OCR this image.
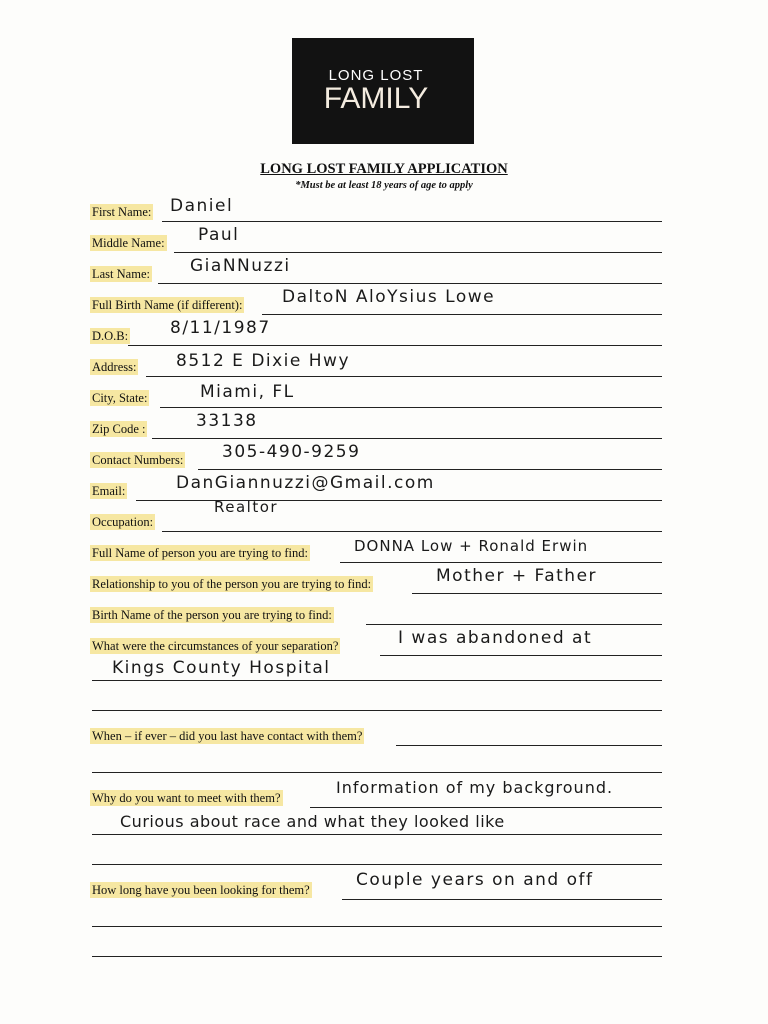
LONG LOST
FAMILY
LONG LOST FAMILY APPLICATION
*Must be at least 18 years of age to apply
First Name: Daniel
Middle Name: Paul
Last Name: GiaNNuzzi
Full Birth Name (if different): DaltoN AloYsius Lowe
D.O.B: 8/11/1987
Address: 8512 E Dixie Hwy
City, State:	Miami, FL
Zip Code :	33138
Contact Numbers: 305-490-9259
Email:	DanGiannuzzi@Gmail.com
Occupation:
Realtor
Full Name of person you are trying to find:	DONNA Low + Ronald Erwin
Relationship to you of the person you are trying to find:	Mother + Father
Birth Name of the person you are trying to find:
What were the circumstances of your separation?	I was abandoned at
Kings County Hospital
When – if ever – did you last have contact with them?
Why do you want to meet with them?
Information of my background.
Curious about race and what they looked like
How long have you been looking for them?	Couple years on and off
